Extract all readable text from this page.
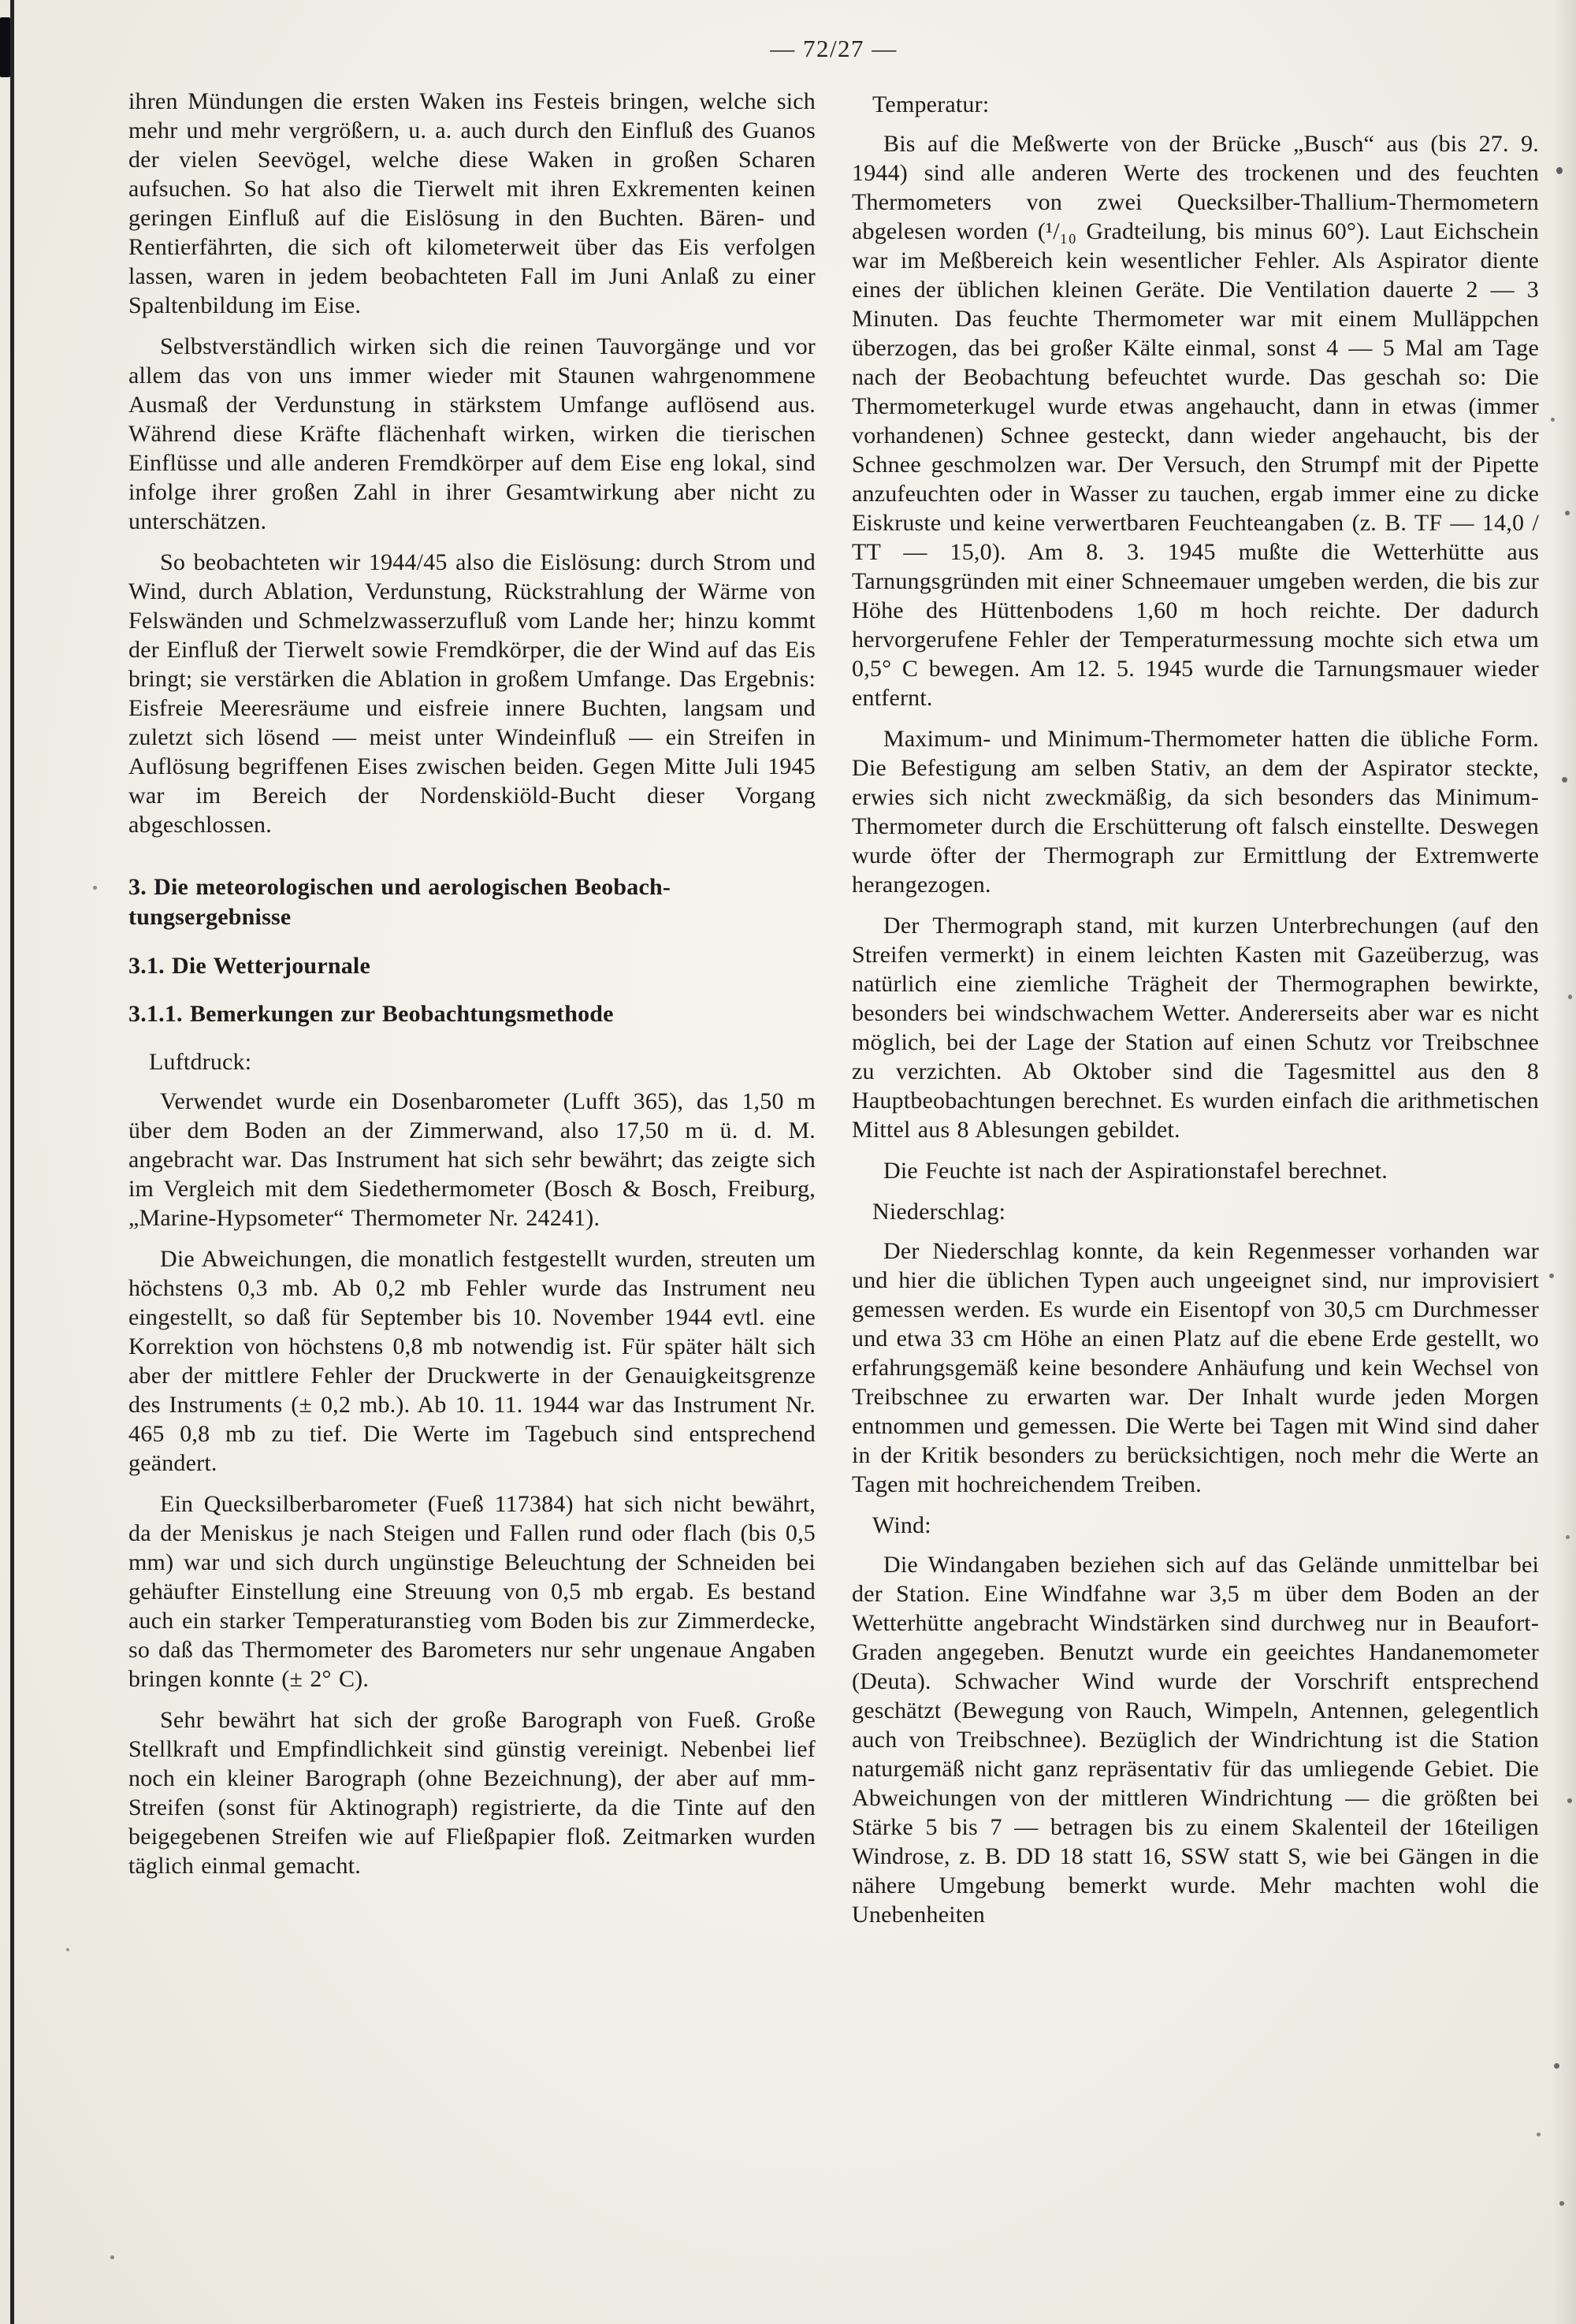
— 72/27 —

ihren Mündungen die ersten Waken ins Festeis bringen, welche sich mehr und mehr vergrößern, u. a. auch durch den Einfluß des Guanos der vielen Seevögel, welche diese Waken in großen Scharen aufsuchen. So hat also die Tierwelt mit ihren Exkrementen keinen geringen Einfluß auf die Eislösung in den Buchten. Bären- und Rentierfährten, die sich oft kilometerweit über das Eis verfolgen lassen, waren in jedem beobachteten Fall im Juni Anlaß zu einer Spaltenbildung im Eise.

Selbstverständlich wirken sich die reinen Tauvorgänge und vor allem das von uns immer wieder mit Staunen wahrgenommene Ausmaß der Verdunstung in stärkstem Umfange auflösend aus. Während diese Kräfte flächenhaft wirken, wirken die tierischen Einflüsse und alle anderen Fremdkörper auf dem Eise eng lokal, sind infolge ihrer großen Zahl in ihrer Gesamtwirkung aber nicht zu unterschätzen.

So beobachteten wir 1944/45 also die Eislösung: durch Strom und Wind, durch Ablation, Verdunstung, Rückstrahlung der Wärme von Felswänden und Schmelzwasserzufluß vom Lande her; hinzu kommt der Einfluß der Tierwelt sowie Fremdkörper, die der Wind auf das Eis bringt; sie verstärken die Ablation in großem Umfange. Das Ergebnis: Eisfreie Meeresräume und eisfreie innere Buchten, langsam und zuletzt sich lösend — meist unter Windeinfluß — ein Streifen in Auflösung begriffenen Eises zwischen beiden. Gegen Mitte Juli 1945 war im Bereich der Nordenskiöld-Bucht dieser Vorgang abgeschlossen.

3. Die meteorologischen und aerologischen Beobachtungsergebnisse
3.1. Die Wetterjournale
3.1.1. Bemerkungen zur Beobachtungsmethode

Luftdruck:

Verwendet wurde ein Dosenbarometer (Lufft 365), das 1,50 m über dem Boden an der Zimmerwand, also 17,50 m ü. d. M. angebracht war. Das Instrument hat sich sehr bewährt; das zeigte sich im Vergleich mit dem Siedethermometer (Bosch & Bosch, Freiburg, „Marine-Hypsometer“ Thermometer Nr. 24241).

Die Abweichungen, die monatlich festgestellt wurden, streuten um höchstens 0,3 mb. Ab 0,2 mb Fehler wurde das Instrument neu eingestellt, so daß für September bis 10. November 1944 evtl. eine Korrektion von höchstens 0,8 mb notwendig ist. Für später hält sich aber der mittlere Fehler der Druckwerte in der Genauigkeitsgrenze des Instruments (± 0,2 mb.). Ab 10. 11. 1944 war das Instrument Nr. 465 0,8 mb zu tief. Die Werte im Tagebuch sind entsprechend geändert.

Ein Quecksilberbarometer (Fueß 117384) hat sich nicht bewährt, da der Meniskus je nach Steigen und Fallen rund oder flach (bis 0,5 mm) war und sich durch ungünstige Beleuchtung der Schneiden bei gehäufter Einstellung eine Streuung von 0,5 mb ergab. Es bestand auch ein starker Temperaturanstieg vom Boden bis zur Zimmerdecke, so daß das Thermometer des Barometers nur sehr ungenaue Angaben bringen konnte (± 2° C).

Sehr bewährt hat sich der große Barograph von Fueß. Große Stellkraft und Empfindlichkeit sind günstig vereinigt. Nebenbei lief noch ein kleiner Barograph (ohne Bezeichnung), der aber auf mm-Streifen (sonst für Aktinograph) registrierte, da die Tinte auf den beigegebenen Streifen wie auf Fließpapier floß. Zeitmarken wurden täglich einmal gemacht.

Temperatur:

Bis auf die Meßwerte von der Brücke „Busch“ aus (bis 27. 9. 1944) sind alle anderen Werte des trockenen und des feuchten Thermometers von zwei Quecksilber-Thallium-Thermometern abgelesen worden (¹/₁₀ Gradteilung, bis minus 60°). Laut Eichschein war im Meßbereich kein wesentlicher Fehler. Als Aspirator diente eines der üblichen kleinen Geräte. Die Ventilation dauerte 2 — 3 Minuten. Das feuchte Thermometer war mit einem Mulläppchen überzogen, das bei großer Kälte einmal, sonst 4 — 5 Mal am Tage nach der Beobachtung befeuchtet wurde. Das geschah so: Die Thermometerkugel wurde etwas angehaucht, dann in etwas (immer vorhandenen) Schnee gesteckt, dann wieder angehaucht, bis der Schnee geschmolzen war. Der Versuch, den Strumpf mit der Pipette anzufeuchten oder in Wasser zu tauchen, ergab immer eine zu dicke Eiskruste und keine verwertbaren Feuchteangaben (z. B. TF — 14,0 / TT — 15,0). Am 8. 3. 1945 mußte die Wetterhütte aus Tarnungsgründen mit einer Schneemauer umgeben werden, die bis zur Höhe des Hüttenbodens 1,60 m hoch reichte. Der dadurch hervorgerufene Fehler der Temperaturmessung mochte sich etwa um 0,5° C bewegen. Am 12. 5. 1945 wurde die Tarnungsmauer wieder entfernt.

Maximum- und Minimum-Thermometer hatten die übliche Form. Die Befestigung am selben Stativ, an dem der Aspirator steckte, erwies sich nicht zweckmäßig, da sich besonders das Minimum-Thermometer durch die Erschütterung oft falsch einstellte. Deswegen wurde öfter der Thermograph zur Ermittlung der Extremwerte herangezogen.

Der Thermograph stand, mit kurzen Unterbrechungen (auf den Streifen vermerkt) in einem leichten Kasten mit Gazeüberzug, was natürlich eine ziemliche Trägheit der Thermographen bewirkte, besonders bei windschwachem Wetter. Andererseits aber war es nicht möglich, bei der Lage der Station auf einen Schutz vor Treibschnee zu verzichten. Ab Oktober sind die Tagesmittel aus den 8 Hauptbeobachtungen berechnet. Es wurden einfach die arithmetischen Mittel aus 8 Ablesungen gebildet.

Die Feuchte ist nach der Aspirationstafel berechnet.

Niederschlag:

Der Niederschlag konnte, da kein Regenmesser vorhanden war und hier die üblichen Typen auch ungeeignet sind, nur improvisiert gemessen werden. Es wurde ein Eisentopf von 30,5 cm Durchmesser und etwa 33 cm Höhe an einen Platz auf die ebene Erde gestellt, wo erfahrungsgemäß keine besondere Anhäufung und kein Wechsel von Treibschnee zu erwarten war. Der Inhalt wurde jeden Morgen entnommen und gemessen. Die Werte bei Tagen mit Wind sind daher in der Kritik besonders zu berücksichtigen, noch mehr die Werte an Tagen mit hochreichendem Treiben.

Wind:

Die Windangaben beziehen sich auf das Gelände unmittelbar bei der Station. Eine Windfahne war 3,5 m über dem Boden an der Wetterhütte angebracht Windstärken sind durchweg nur in Beaufort-Graden angegeben. Benutzt wurde ein geeichtes Handanemometer (Deuta). Schwacher Wind wurde der Vorschrift entsprechend geschätzt (Bewegung von Rauch, Wimpeln, Antennen, gelegentlich auch von Treibschnee). Bezüglich der Windrichtung ist die Station naturgemäß nicht ganz repräsentativ für das umliegende Gebiet. Die Abweichungen von der mittleren Windrichtung — die größten bei Stärke 5 bis 7 — betragen bis zu einem Skalenteil der 16teiligen Windrose, z. B. DD 18 statt 16, SSW statt S, wie bei Gängen in die nähere Umgebung bemerkt wurde. Mehr machten wohl die Unebenheiten
